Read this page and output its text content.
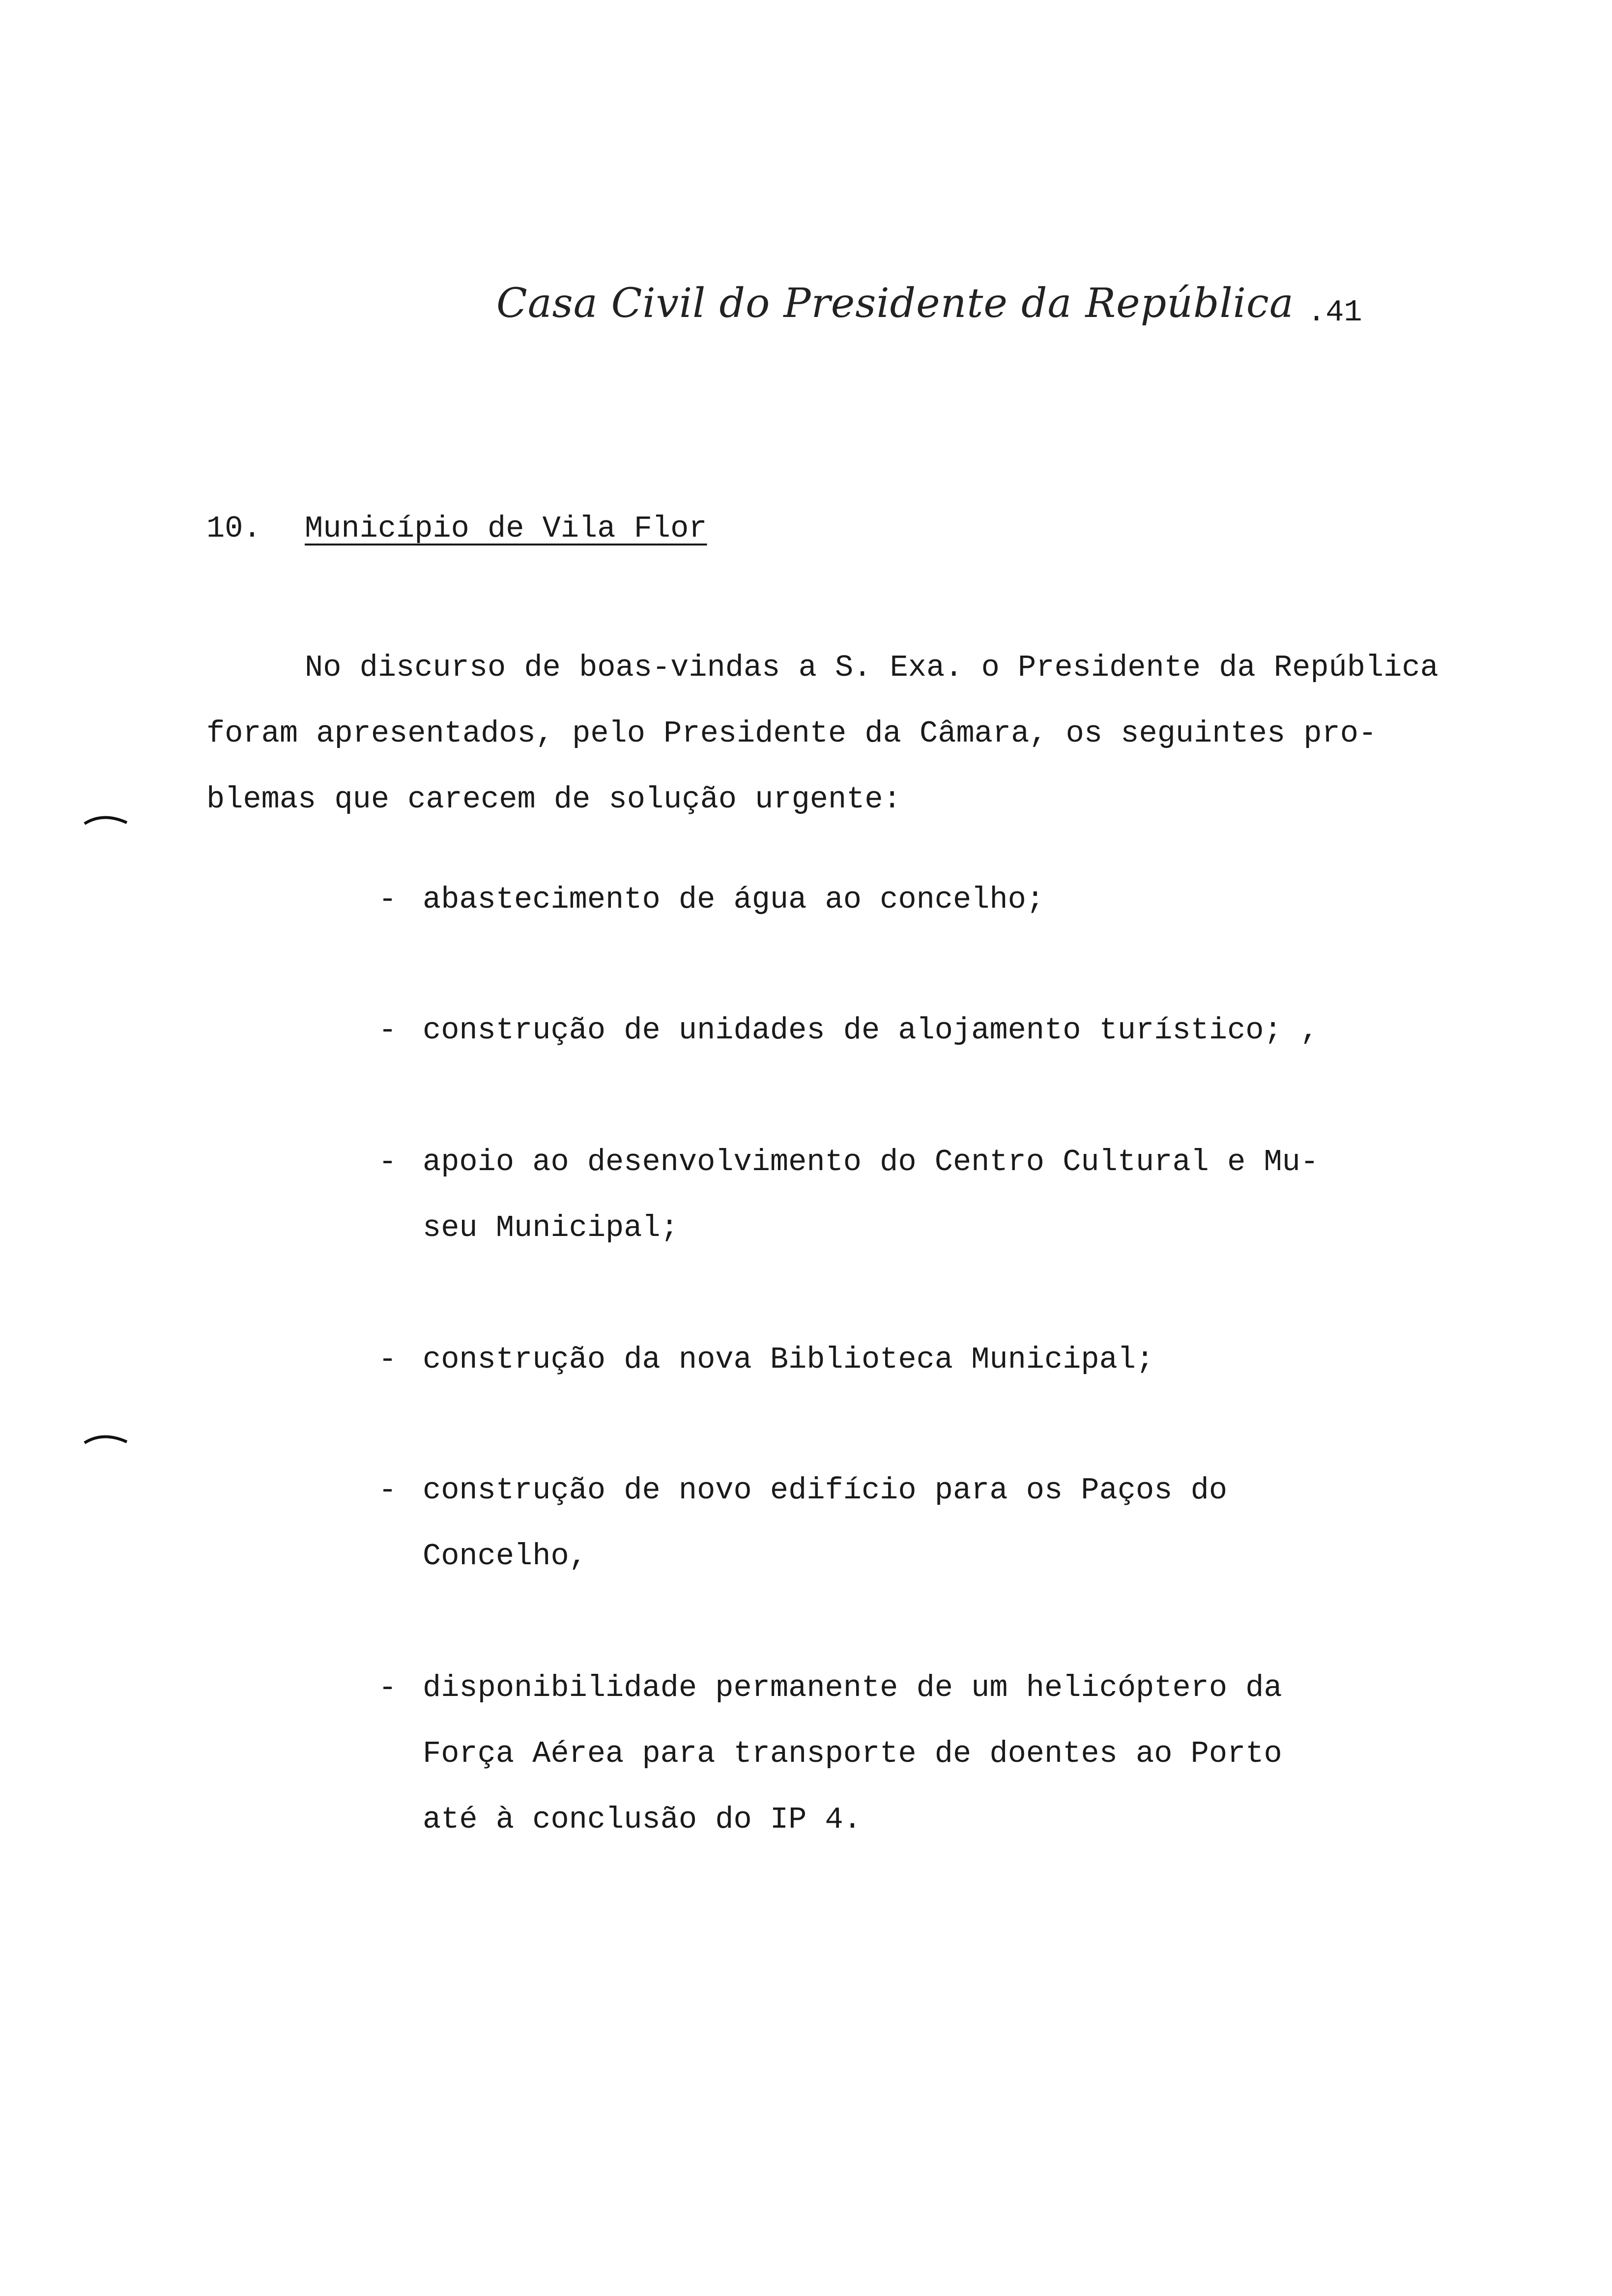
Casa Civil do Presidente da República .41
10. Município de Vila Flor
No discurso de boas-vindas a S. Exa. o Presidente da República
foram apresentados, pelo Presidente da Câmara, os seguintes pro-
blemas que carecem de solução urgente:
- abastecimento de água ao concelho;
- construção de unidades de alojamento turístico; ,
- apoio ao desenvolvimento do Centro Cultural e Mu-
seu Municipal;
- construção da nova Biblioteca Municipal;
- construção de novo edifício para os Paços do
Concelho,
- disponibilidade permanente de um helicóptero da
Força Aérea para transporte de doentes ao Porto
até à conclusão do IP 4.
